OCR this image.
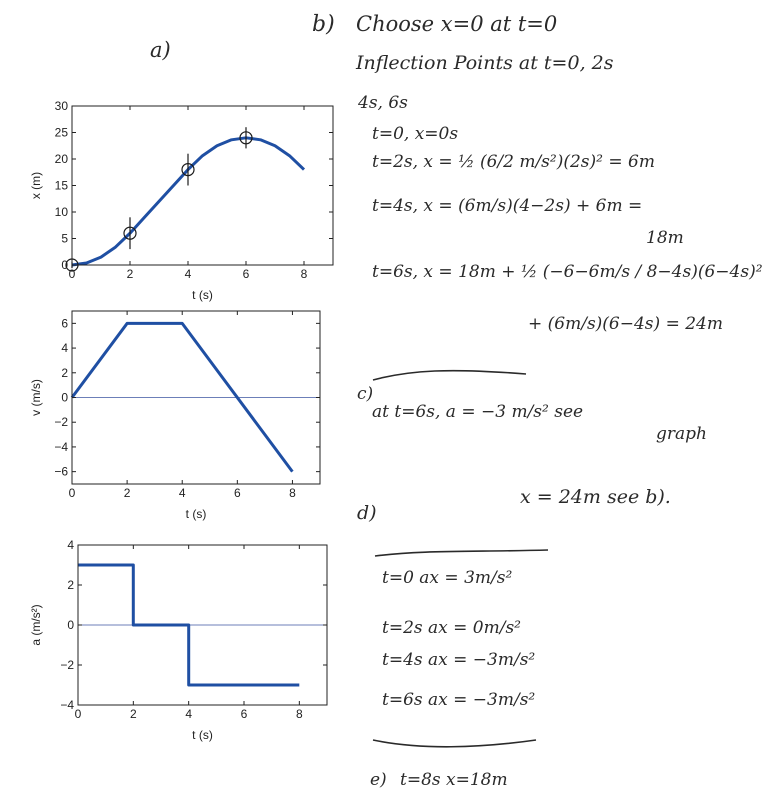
0	2	4	6	8
0
5
10
15
20
25
30
t (s)
x (m)
0	2	4	6	8
−6
−4
−2
0
2
4
6
t (s)
v (m/s)
0	2	4	6	8
−4
−2
0
2
4
t (s)
a (m/s²)
a)
b) Choose x=0 at t=0
Inflection Points at t=0, 2s
4s, 6s
t=0, x=0s
t=2s, x = ½ (6/2 m/s²)(2s)² = 6m
t=4s, x = (6m/s)(4−2s) + 6m =
18m
t=6s, x = 18m + ½ (−6−6m/s / 8−4s)(6−4s)²
+ (6m/s)(6−4s) = 24m
c)
at t=6s, a = −3 m/s² see
graph
d)
x = 24m see b).
t=0 ax = 3m/s²
t=2s ax = 0m/s²
t=4s ax = −3m/s²
t=6s ax = −3m/s²
e) t=8s x=18m
